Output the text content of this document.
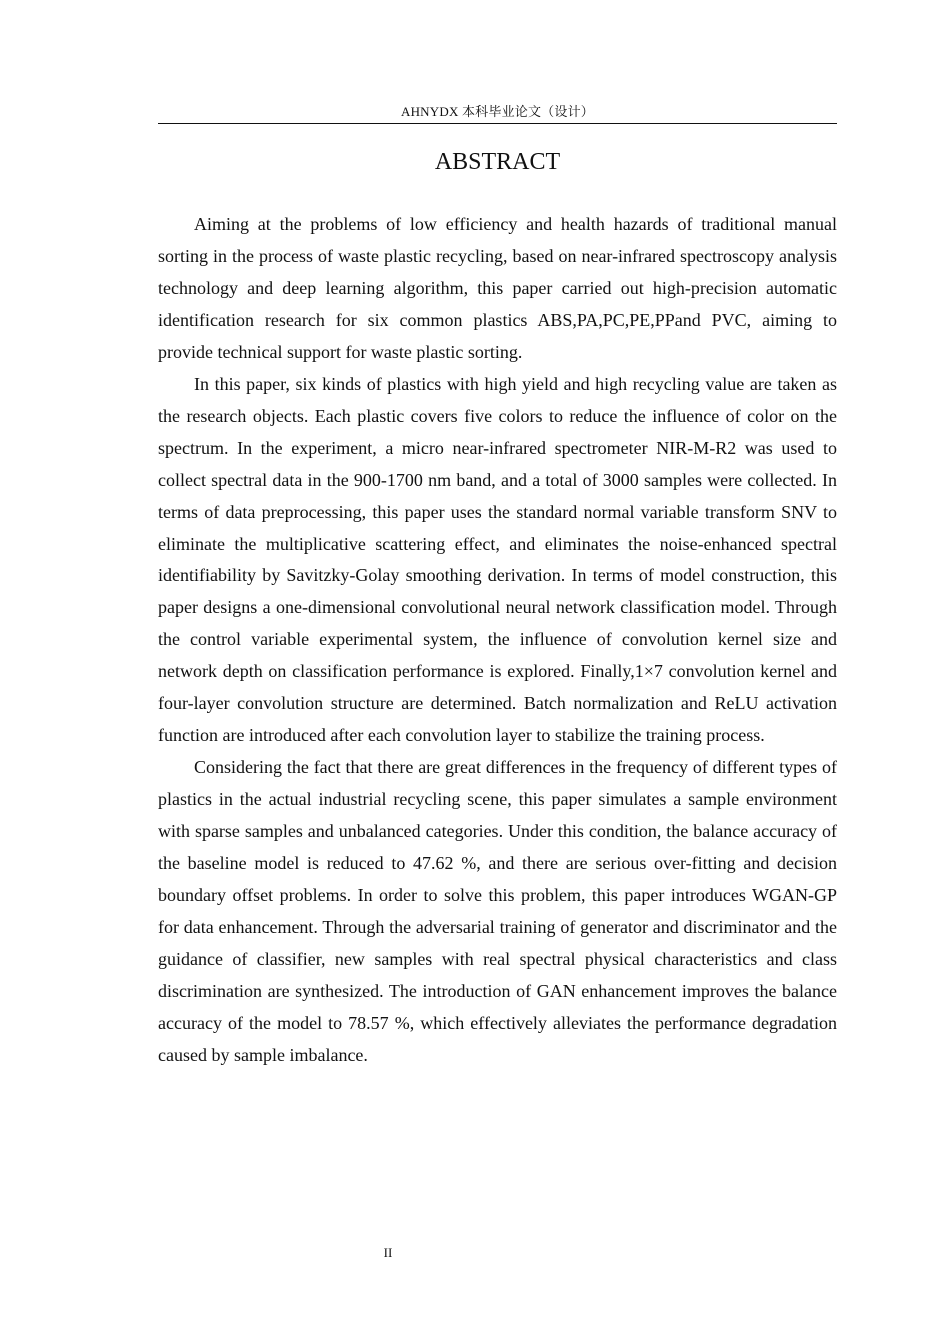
AHNYDX 本科毕业论文（设计）
ABSTRACT

Aiming at the problems of low efficiency and health hazards of traditional manual sorting in the process of waste plastic recycling, based on near-infrared spectroscopy analysis technology and deep learning algorithm, this paper carried out high-precision automatic identification research for six common plastics ABS,PA,PC,PE,PPand PVC, aiming to provide technical support for waste plastic sorting.

In this paper, six kinds of plastics with high yield and high recycling value are taken as the research objects. Each plastic covers five colors to reduce the influence of color on the spectrum. In the experiment, a micro near-infrared spectrometer NIR-M-R2 was used to collect spectral data in the 900-1700 nm band, and a total of 3000 samples were collected. In terms of data preprocessing, this paper uses the standard normal variable transform SNV to eliminate the multiplicative scattering effect, and eliminates the noise-enhanced spectral identifiability by Savitzky-Golay smoothing derivation. In terms of model construction, this paper designs a one-dimensional convolutional neural network classification model. Through the control variable experimental system, the influence of convolution kernel size and network depth on classification performance is explored. Finally,1×7 convolution kernel and four-layer convolution structure are determined. Batch normalization and ReLU activation function are introduced after each convolution layer to stabilize the training process.

Considering the fact that there are great differences in the frequency of different types of plastics in the actual industrial recycling scene, this paper simulates a sample environment with sparse samples and unbalanced categories. Under this condition, the balance accuracy of the baseline model is reduced to 47.62 %, and there are serious over-fitting and decision boundary offset problems. In order to solve this problem, this paper introduces WGAN-GP for data enhancement. Through the adversarial training of generator and discriminator and the guidance of classifier, new samples with real spectral physical characteristics and class discrimination are synthesized. The introduction of GAN enhancement improves the balance accuracy of the model to 78.57 %, which effectively alleviates the performance degradation caused by sample imbalance.

II
